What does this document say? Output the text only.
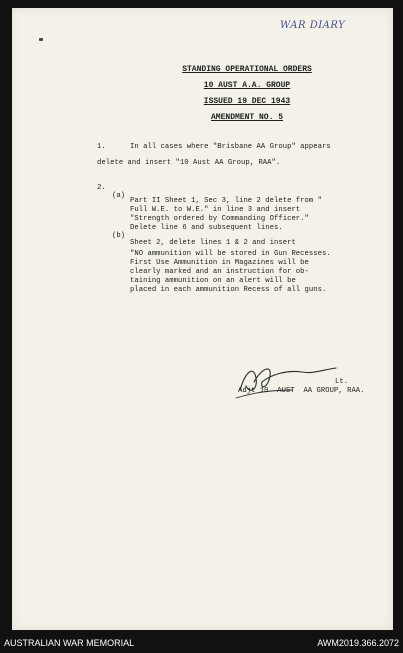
WAR DIARY
STANDING OPERATIONAL ORDERS
10 AUST A.A. GROUP
ISSUED 19 DEC 1943
AMENDMENT NO. 5
1.	In all cases where "Brisbane AA Group" appears
delete and insert "10 Aust AA Group, RAA".
2.
(a)
Part II Sheet 1, Sec 3, line 2 delete from "
Full W.E. to W.E." in line 3 and insert
"Strength ordered by Commanding Officer."
Delete line 6 and subsequent lines.
(b)
Sheet 2, delete lines 1 & 2 and insert
"NO ammunition will be stored in Gun Recesses.
First Use Ammunition in Magazines will be
clearly marked and an instruction for ob-
taining ammunition on an alert will be
placed in each ammunition Recess of all guns.
Lt.
Adjt 10  AUST  AA GROUP, RAA.
AUSTRALIAN WAR MEMORIAL	AWM2019.366.2072
